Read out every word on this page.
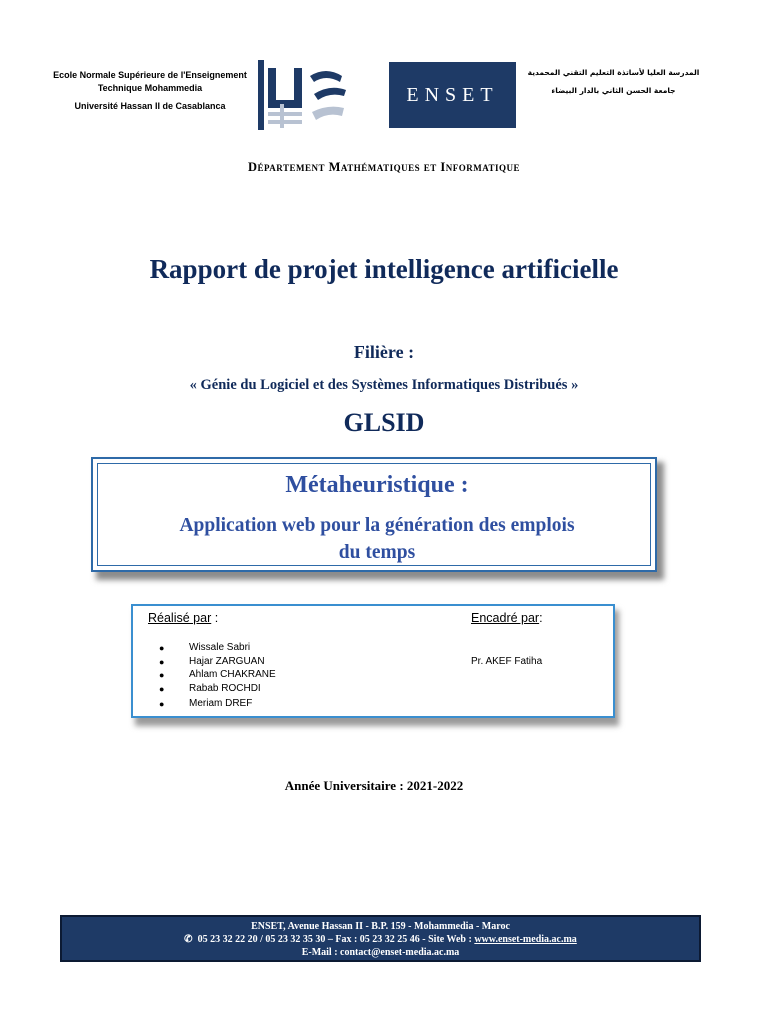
Ecole Normale Supérieure de l'Enseignement
Technique Mohammedia
Université Hassan II de Casablanca
ENSET
المدرسة العليا لأساتذة التعليم التقني المحمدية
جامعة الحسن الثاني بالدار البيضاء
Département Mathématiques et Informatique
Rapport de projet intelligence artificielle
Filière :
« Génie du Logiciel et des Systèmes Informatiques Distribués »
GLSID
Métaheuristique :
Application web pour la génération des emplois
du temps
Réalisé par :	Encadré par:
● Wissale Sabri
● Hajar ZARGUAN
● Ahlam CHAKRANE
● Rabab ROCHDI
● Meriam DREF
Pr. AKEF Fatiha
Année Universitaire : 2021-2022
ENSET, Avenue Hassan II - B.P. 159 - Mohammedia - Maroc
✆ 05 23 32 22 20 / 05 23 32 35 30 – Fax : 05 23 32 25 46 - Site Web : www.enset-media.ac.ma
E-Mail : contact@enset-media.ac.ma
